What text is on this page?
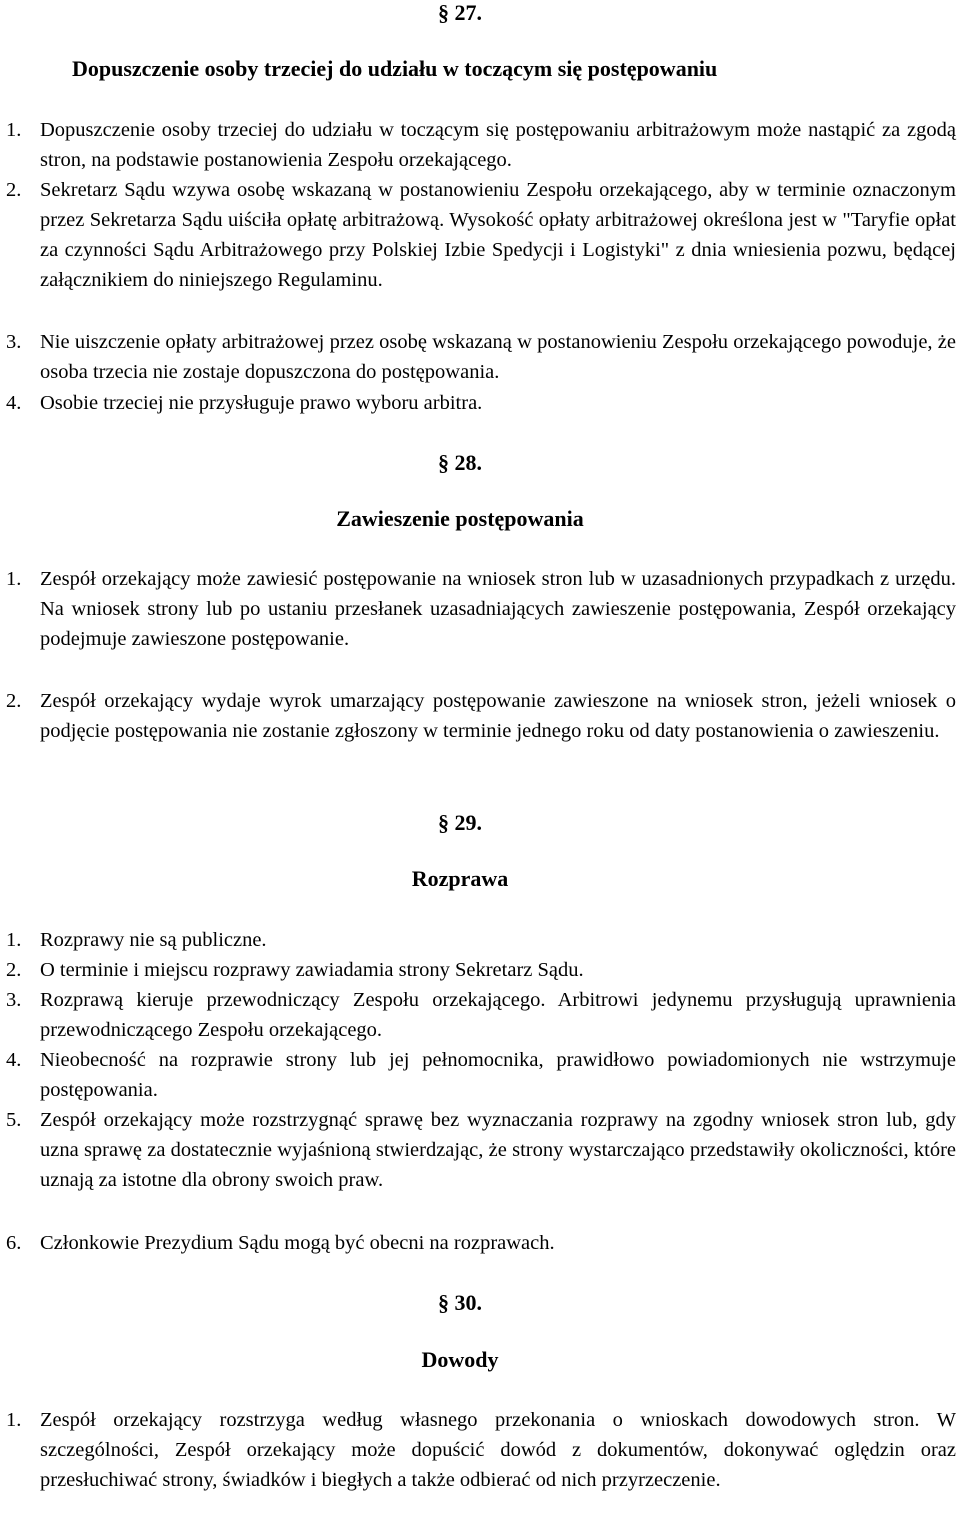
§ 27.
Dopuszczenie osoby trzeciej do udziału w toczącym się postępowaniu
1. Dopuszczenie osoby trzeciej do udziału w toczącym się postępowaniu arbitrażowym może nastąpić za zgodą stron, na podstawie postanowienia Zespołu orzekającego.
2. Sekretarz Sądu wzywa osobę wskazaną w postanowieniu Zespołu orzekającego, aby w terminie oznaczonym przez Sekretarza Sądu uiściła opłatę arbitrażową. Wysokość opłaty arbitrażowej określona jest w "Taryfie opłat za czynności Sądu Arbitrażowego przy Polskiej Izbie Spedycji i Logistyki" z dnia wniesienia pozwu, będącej załącznikiem do niniejszego Regulaminu.
3. Nie uiszczenie opłaty arbitrażowej przez osobę wskazaną w postanowieniu Zespołu orzekającego powoduje, że osoba trzecia nie zostaje dopuszczona do postępowania.
4. Osobie trzeciej nie przysługuje prawo wyboru arbitra.
§ 28.
Zawieszenie postępowania
1. Zespół orzekający może zawiesić postępowanie na wniosek stron lub w uzasadnionych przypadkach z urzędu. Na wniosek strony lub po ustaniu przesłanek uzasadniających zawieszenie postępowania, Zespół orzekający podejmuje zawieszone postępowanie.
2. Zespół orzekający wydaje wyrok umarzający postępowanie zawieszone na wniosek stron, jeżeli wniosek o podjęcie postępowania nie zostanie zgłoszony w terminie jednego roku od daty postanowienia o zawieszeniu.
§ 29.
Rozprawa
1. Rozprawy nie są publiczne.
2. O terminie i miejscu rozprawy zawiadamia strony Sekretarz Sądu.
3. Rozprawą kieruje przewodniczący Zespołu orzekającego. Arbitrowi jedynemu przysługują uprawnienia przewodniczącego Zespołu orzekającego.
4. Nieobecność na rozprawie strony lub jej pełnomocnika, prawidłowo powiadomionych nie wstrzymuje postępowania.
5. Zespół orzekający może rozstrzygnąć sprawę bez wyznaczania rozprawy na zgodny wniosek stron lub, gdy uzna sprawę za dostatecznie wyjaśnioną stwierdzając, że strony wystarczająco przedstawiły okoliczności, które uznają za istotne dla obrony swoich praw.
6. Członkowie Prezydium Sądu mogą być obecni na rozprawach.
§ 30.
Dowody
1. Zespół orzekający rozstrzyga według własnego przekonania o wnioskach dowodowych stron. W szczególności, Zespół orzekający może dopuścić dowód z dokumentów, dokonywać oględzin oraz przesłuchiwać strony, świadków i biegłych a także odbierać od nich przyrzeczenie.
